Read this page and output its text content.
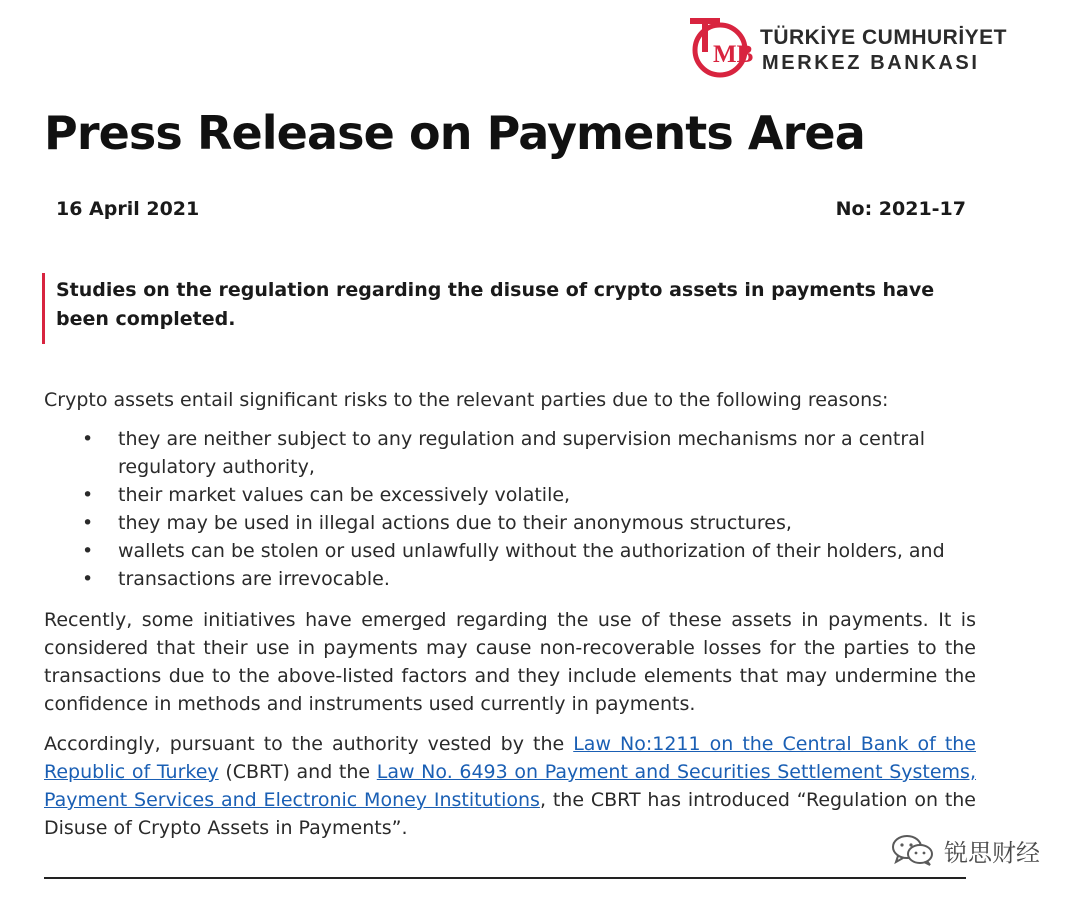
MB
TÜRKİYE CUMHURİYET
MERKEZ BANKASI
Press Release on Payments Area
16 April 2021	No: 2021-17
Studies on the regulation regarding the disuse of crypto assets in payments have been completed.

Crypto assets entail significant risks to the relevant parties due to the following reasons:

• they are neither subject to any regulation and supervision mechanisms nor a central regulatory authority,
• their market values can be excessively volatile,
• they may be used in illegal actions due to their anonymous structures,
• wallets can be stolen or used unlawfully without the authorization of their holders, and
• transactions are irrevocable.

Recently, some initiatives have emerged regarding the use of these assets in payments. It is considered that their use in payments may cause non-recoverable losses for the parties to the transactions due to the above-listed factors and they include elements that may undermine the confidence in methods and instruments used currently in payments.

Accordingly, pursuant to the authority vested by the Law No:1211 on the Central Bank of the Republic of Turkey (CBRT) and the Law No. 6493 on Payment and Securities Settlement Systems, Payment Services and Electronic Money Institutions, the CBRT has introduced “Regulation on the Disuse of Crypto Assets in Payments”.

锐思财经
